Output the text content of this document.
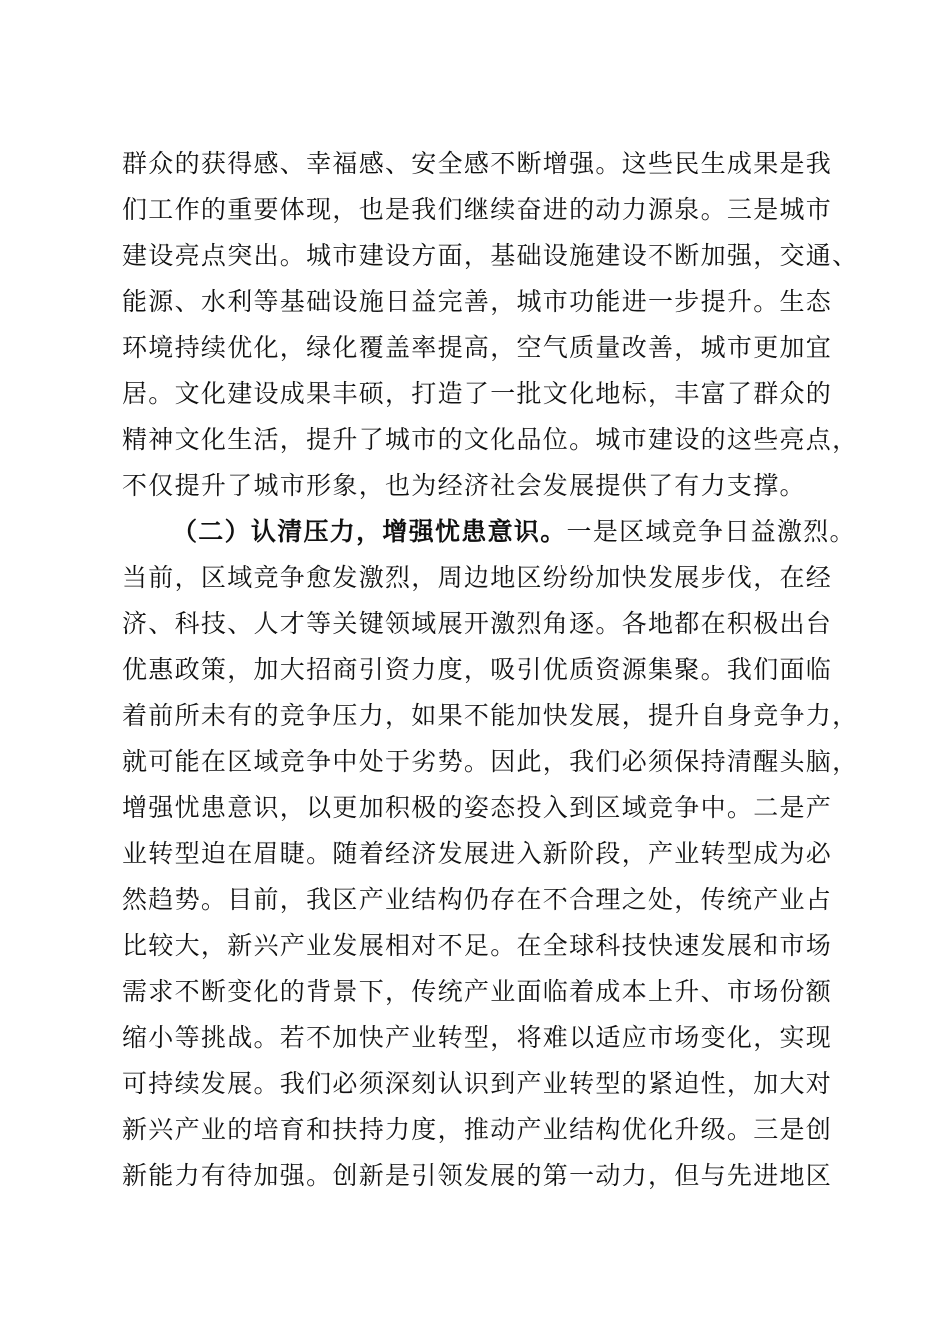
群众的获得感、幸福感、安全感不断增强。这些民生成果是我
们工作的重要体现，也是我们继续奋进的动力源泉。三是城市
建设亮点突出。城市建设方面，基础设施建设不断加强，交通、
能源、水利等基础设施日益完善，城市功能进一步提升。生态
环境持续优化，绿化覆盖率提高，空气质量改善，城市更加宜
居。文化建设成果丰硕，打造了一批文化地标，丰富了群众的
精神文化生活，提升了城市的文化品位。城市建设的这些亮点，
不仅提升了城市形象，也为经济社会发展提供了有力支撑。
（二）认清压力，增强忧患意识。一是区域竞争日益激烈。
当前，区域竞争愈发激烈，周边地区纷纷加快发展步伐，在经
济、科技、人才等关键领域展开激烈角逐。各地都在积极出台
优惠政策，加大招商引资力度，吸引优质资源集聚。我们面临
着前所未有的竞争压力，如果不能加快发展，提升自身竞争力，
就可能在区域竞争中处于劣势。因此，我们必须保持清醒头脑，
增强忧患意识，以更加积极的姿态投入到区域竞争中。二是产
业转型迫在眉睫。随着经济发展进入新阶段，产业转型成为必
然趋势。目前，我区产业结构仍存在不合理之处，传统产业占
比较大，新兴产业发展相对不足。在全球科技快速发展和市场
需求不断变化的背景下，传统产业面临着成本上升、市场份额
缩小等挑战。若不加快产业转型，将难以适应市场变化，实现
可持续发展。我们必须深刻认识到产业转型的紧迫性，加大对
新兴产业的培育和扶持力度，推动产业结构优化升级。三是创
新能力有待加强。创新是引领发展的第一动力，但与先进地区
